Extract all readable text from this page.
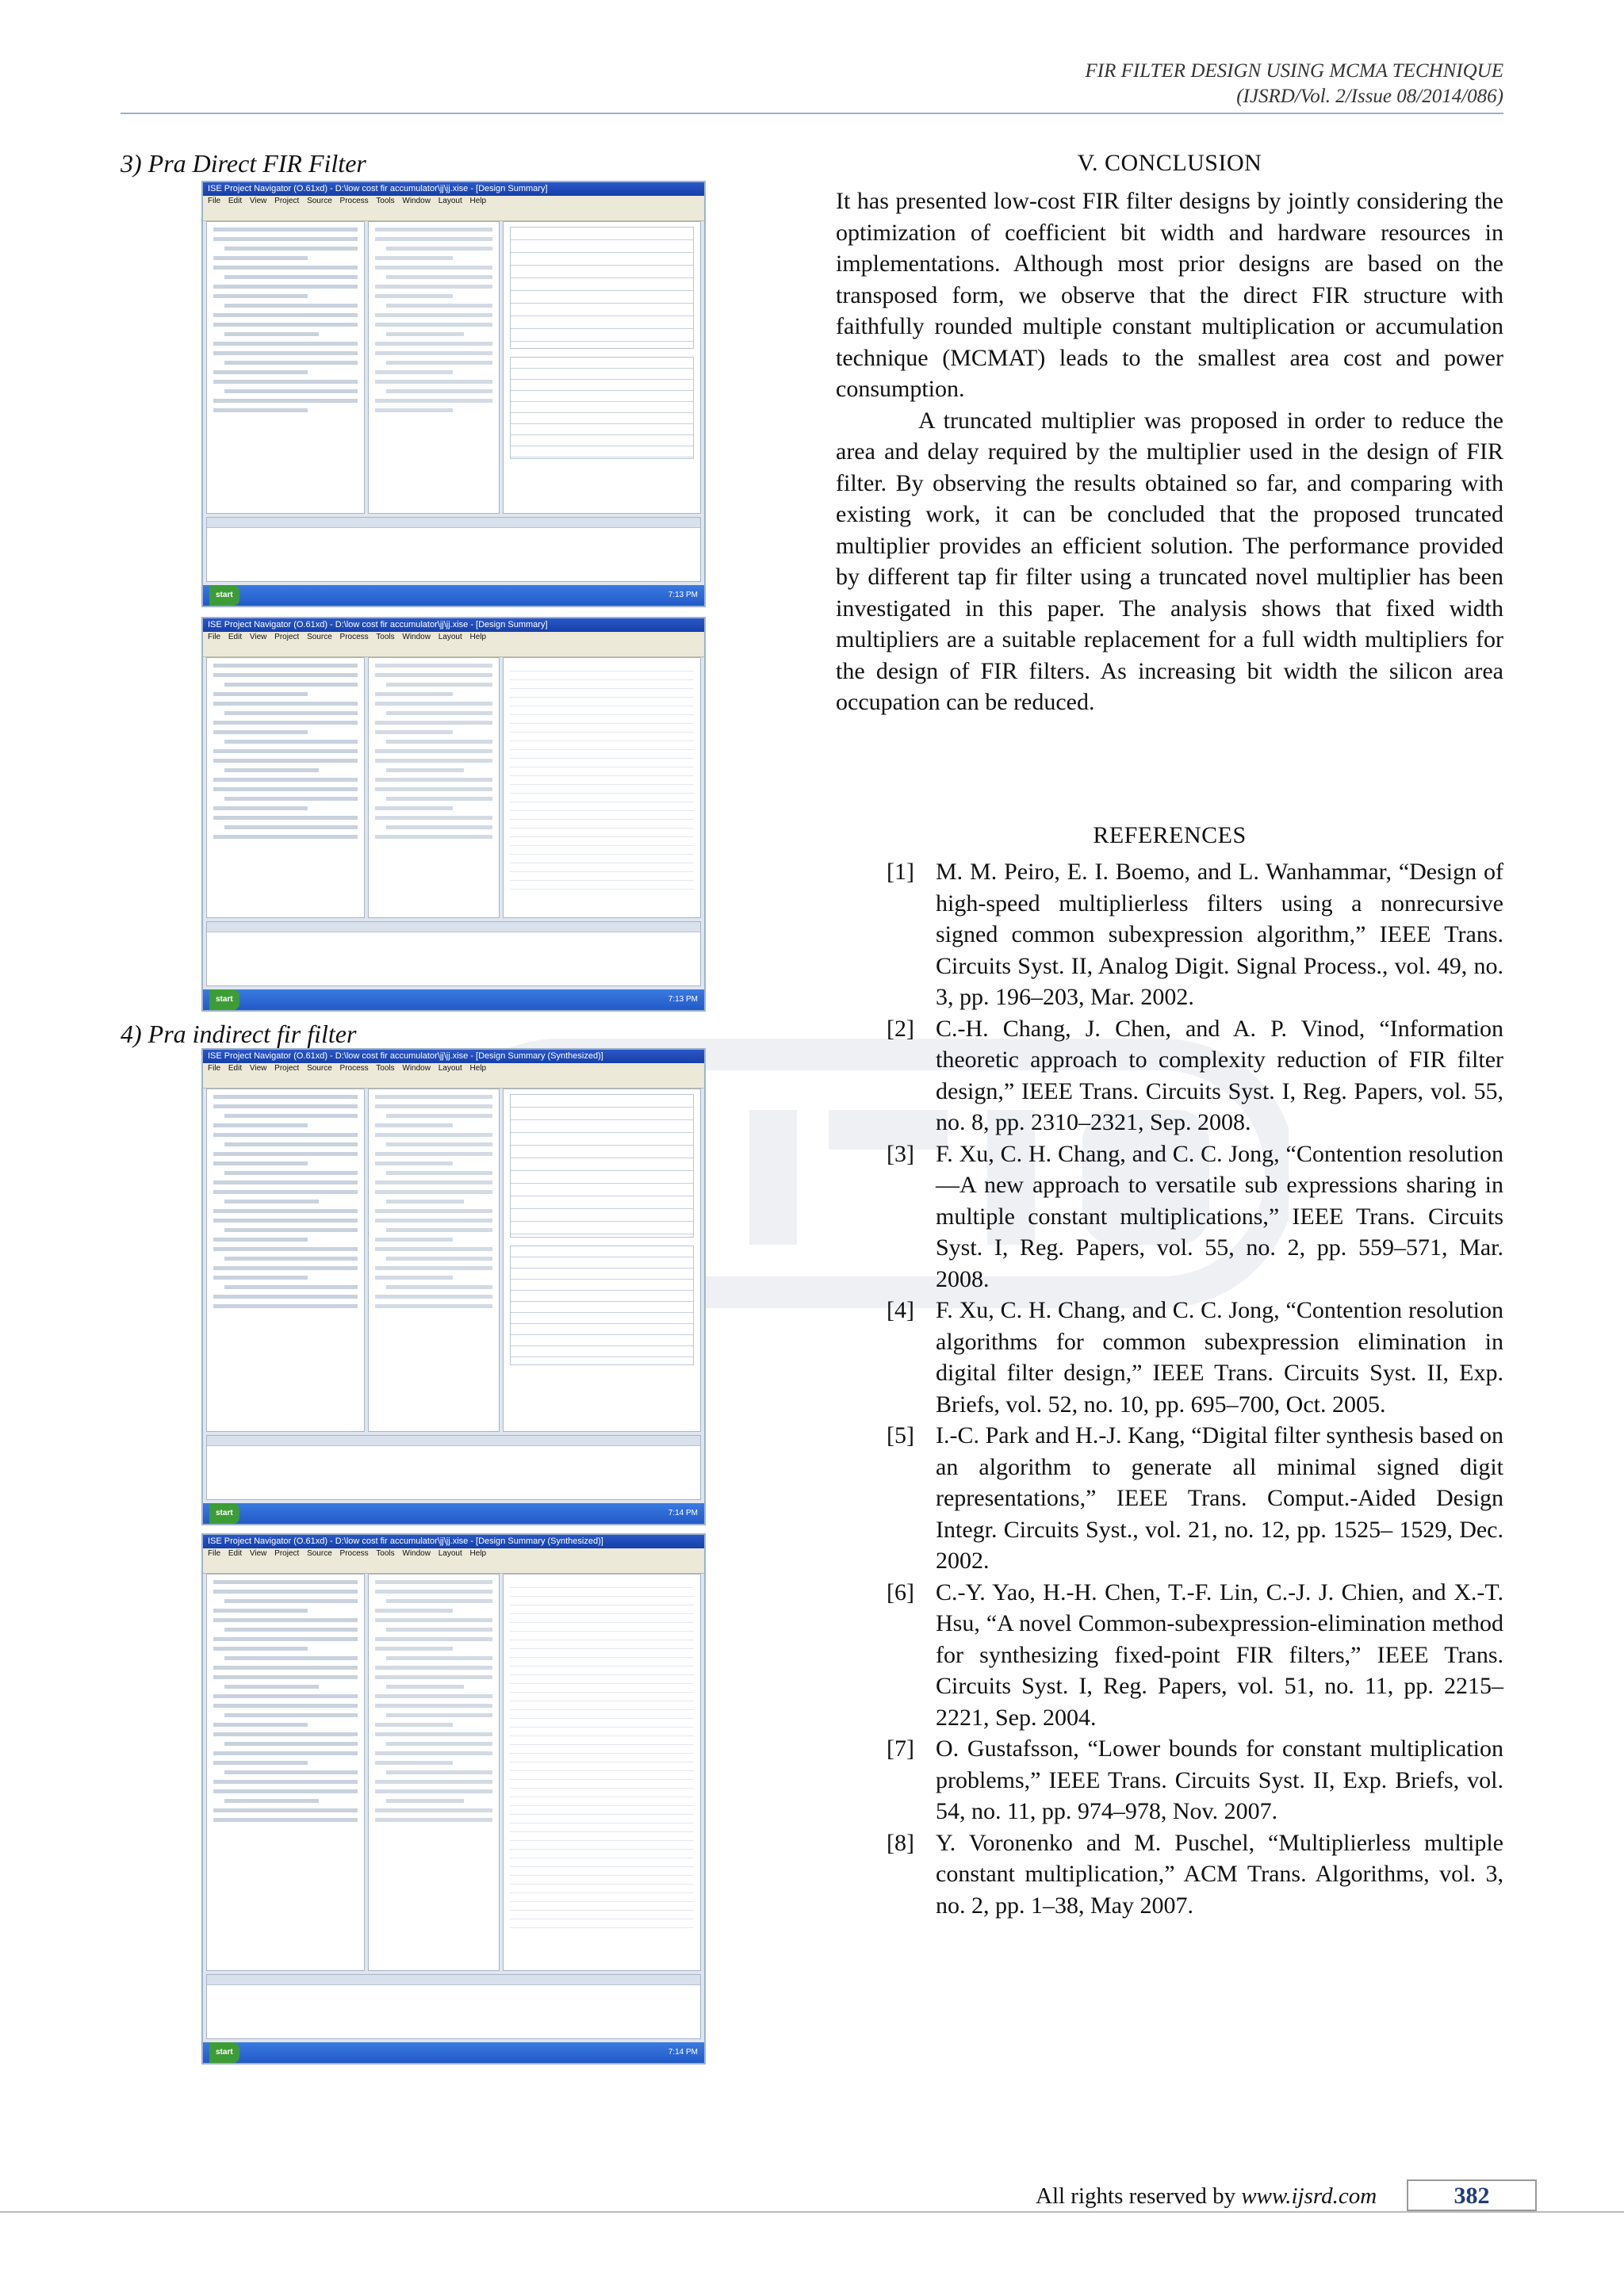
FIR FILTER DESIGN USING MCMA TECHNIQUE
(IJSRD/Vol. 2/Issue 08/2014/086)
3) Pra Direct FIR Filter
ISE Project Navigator (O.61xd) - D:\low cost fir accumulator\jj\jj.xise - [Design Summary]
File Edit View Project Source Process Tools Window Layout Help
start	7:13 PM
ISE Project Navigator (O.61xd) - D:\low cost fir accumulator\jj\jj.xise - [Design Summary]
File Edit View Project Source Process Tools Window Layout Help
start	7:13 PM
4) Pra indirect fir filter
ISE Project Navigator (O.61xd) - D:\low cost fir accumulator\jj\jj.xise - [Design Summary (Synthesized)]
File Edit View Project Source Process Tools Window Layout Help
start	7:14 PM
ISE Project Navigator (O.61xd) - D:\low cost fir accumulator\jj\jj.xise - [Design Summary (Synthesized)]
File Edit View Project Source Process Tools Window Layout Help
start	7:14 PM
V. CONCLUSION

It has presented low-cost FIR filter designs by jointly considering the optimization of coefficient bit width and hardware resources in implementations. Although most prior designs are based on the transposed form, we observe that the direct FIR structure with faithfully rounded multiple constant multiplication or accumulation technique (MCMAT) leads to the smallest area cost and power consumption.

A truncated multiplier was proposed in order to reduce the area and delay required by the multiplier used in the design of FIR filter. By observing the results obtained so far, and comparing with existing work, it can be concluded that the proposed truncated multiplier provides an efficient solution. The performance provided by different tap fir filter using a truncated novel multiplier has been investigated in this paper. The analysis shows that fixed width multipliers are a suitable replacement for a full width multipliers for the design of FIR filters. As increasing bit width the silicon area occupation can be reduced.

REFERENCES
[1] M. M. Peiro, E. I. Boemo, and L. Wanhammar, “Design of high-speed multiplierless filters using a nonrecursive signed common subexpression algorithm,” IEEE Trans. Circuits Syst. II, Analog Digit. Signal Process., vol. 49, no. 3, pp. 196–203, Mar. 2002.
[2] C.-H. Chang, J. Chen, and A. P. Vinod, “Information theoretic approach to complexity reduction of FIR filter design,” IEEE Trans. Circuits Syst. I, Reg. Papers, vol. 55, no. 8, pp. 2310–2321, Sep. 2008.
[3] F. Xu, C. H. Chang, and C. C. Jong, “Contention resolution—A new approach to versatile sub expressions sharing in multiple constant multiplications,” IEEE Trans. Circuits Syst. I, Reg. Papers, vol. 55, no. 2, pp. 559–571, Mar. 2008.
[4] F. Xu, C. H. Chang, and C. C. Jong, “Contention resolution algorithms for common subexpression elimination in digital filter design,” IEEE Trans. Circuits Syst. II, Exp. Briefs, vol. 52, no. 10, pp. 695–700, Oct. 2005.
[5] I.-C. Park and H.-J. Kang, “Digital filter synthesis based on an algorithm to generate all minimal signed digit representations,” IEEE Trans. Comput.-Aided Design Integr. Circuits Syst., vol. 21, no. 12, pp. 1525– 1529, Dec. 2002.
[6] C.-Y. Yao, H.-H. Chen, T.-F. Lin, C.-J. J. Chien, and X.-T. Hsu, “A novel Common-subexpression-elimination method for synthesizing fixed-point FIR filters,” IEEE Trans. Circuits Syst. I, Reg. Papers, vol. 51, no. 11, pp. 2215–2221, Sep. 2004.
[7] O. Gustafsson, “Lower bounds for constant multiplication problems,” IEEE Trans. Circuits Syst. II, Exp. Briefs, vol. 54, no. 11, pp. 974–978, Nov. 2007.
[8] Y. Voronenko and M. Puschel, “Multiplierless multiple constant multiplication,” ACM Trans. Algorithms, vol. 3, no. 2, pp. 1–38, May 2007.
All rights reserved by www.ijsrd.com	382
